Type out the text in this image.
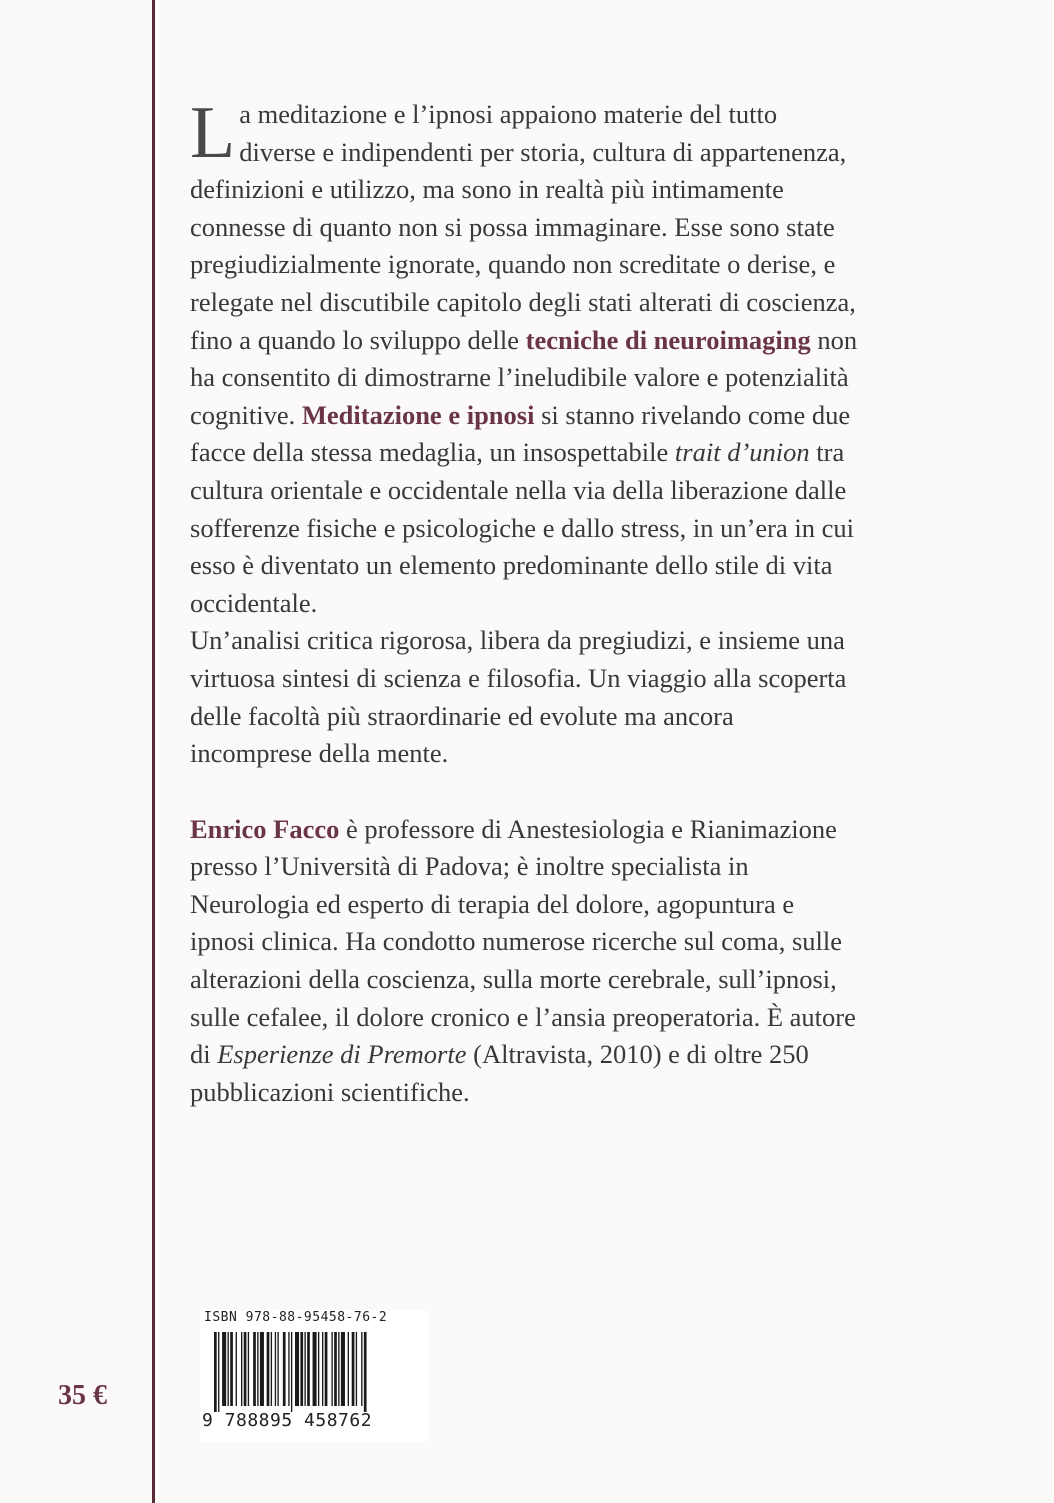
La meditazione e l’ipnosi appaiono materie del tutto diverse e indipendenti per storia, cultura di appartenenza, definizioni e utilizzo, ma sono in realtà più intimamente connesse di quanto non si possa immaginare. Esse sono state pregiudizialmente ignorate, quando non screditate o derise, e relegate nel discutibile capitolo degli stati alterati di coscienza, fino a quando lo sviluppo delle tecniche di neuroimaging non ha consentito di dimostrarne l’ineludibile valore e potenzialità cognitive. Meditazione e ipnosi si stanno rivelando come due facce della stessa medaglia, un insospettabile trait d’union tra cultura orientale e occidentale nella via della liberazione dalle sofferenze fisiche e psicologiche e dallo stress, in un’era in cui esso è diventato un elemento predominante dello stile di vita occidentale.

Un’analisi critica rigorosa, libera da pregiudizi, e insieme una virtuosa sintesi di scienza e filosofia. Un viaggio alla scoperta delle facoltà più straordinarie ed evolute ma ancora incomprese della mente.

Enrico Facco è professore di Anestesiologia e Rianimazione presso l’Università di Padova; è inoltre specialista in Neurologia ed esperto di terapia del dolore, agopuntura e ipnosi clinica. Ha condotto numerose ricerche sul coma, sulle alterazioni della coscienza, sulla morte cerebrale, sull’ipnosi, sulle cefalee, il dolore cronico e l’ansia preoperatoria. È autore di Esperienze di Premorte (Altravista, 2010) e di oltre 250 pubblicazioni scientifiche.

35 €
ISBN 978-88-95458-76-2
9 788895 458762
